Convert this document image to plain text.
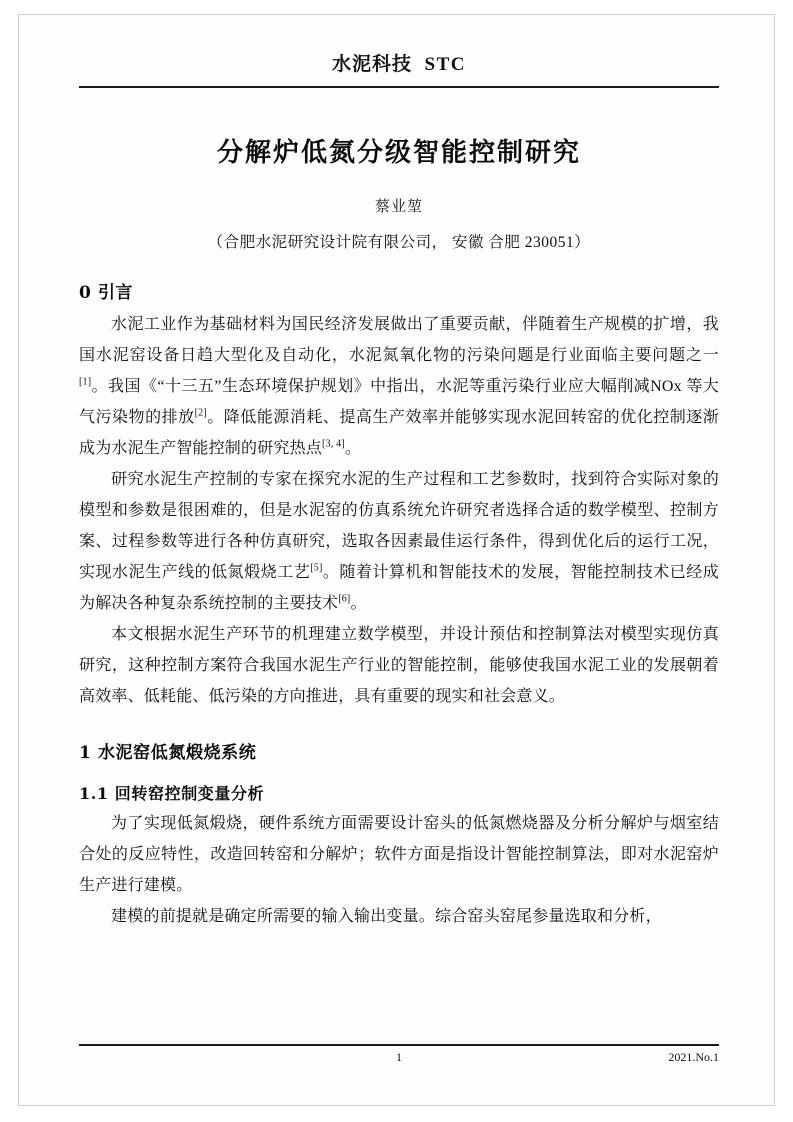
水泥科技 STC
分解炉低氮分级智能控制研究
蔡业堃
（合肥水泥研究设计院有限公司， 安徽 合肥 230051）
0 引言

水泥工业作为基础材料为国民经济发展做出了重要贡献，伴随着生产规模的扩增，我国水泥窑设备日趋大型化及自动化，水泥氮氧化物的污染问题是行业面临主要问题之一[1]。我国《“十三五”生态环境保护规划》中指出，水泥等重污染行业应大幅削减NOx 等大气污染物的排放[2]。降低能源消耗、提高生产效率并能够实现水泥回转窑的优化控制逐渐成为水泥生产智能控制的研究热点[3, 4]。

研究水泥生产控制的专家在探究水泥的生产过程和工艺参数时，找到符合实际对象的模型和参数是很困难的，但是水泥窑的仿真系统允许研究者选择合适的数学模型、控制方案、过程参数等进行各种仿真研究，选取各因素最佳运行条件，得到优化后的运行工况，实现水泥生产线的低氮煅烧工艺[5]。随着计算机和智能技术的发展，智能控制技术已经成为解决各种复杂系统控制的主要技术[6]。

本文根据水泥生产环节的机理建立数学模型，并设计预估和控制算法对模型实现仿真研究，这种控制方案符合我国水泥生产行业的智能控制，能够使我国水泥工业的发展朝着高效率、低耗能、低污染的方向推进，具有重要的现实和社会意义。

1 水泥窑低氮煅烧系统
1.1 回转窑控制变量分析

为了实现低氮煅烧，硬件系统方面需要设计窑头的低氮燃烧器及分析分解炉与烟室结合处的反应特性，改造回转窑和分解炉；软件方面是指设计智能控制算法，即对水泥窑炉生产进行建模。

建模的前提就是确定所需要的输入输出变量。综合窑头窑尾参量选取和分析，

1	2021.No.1
